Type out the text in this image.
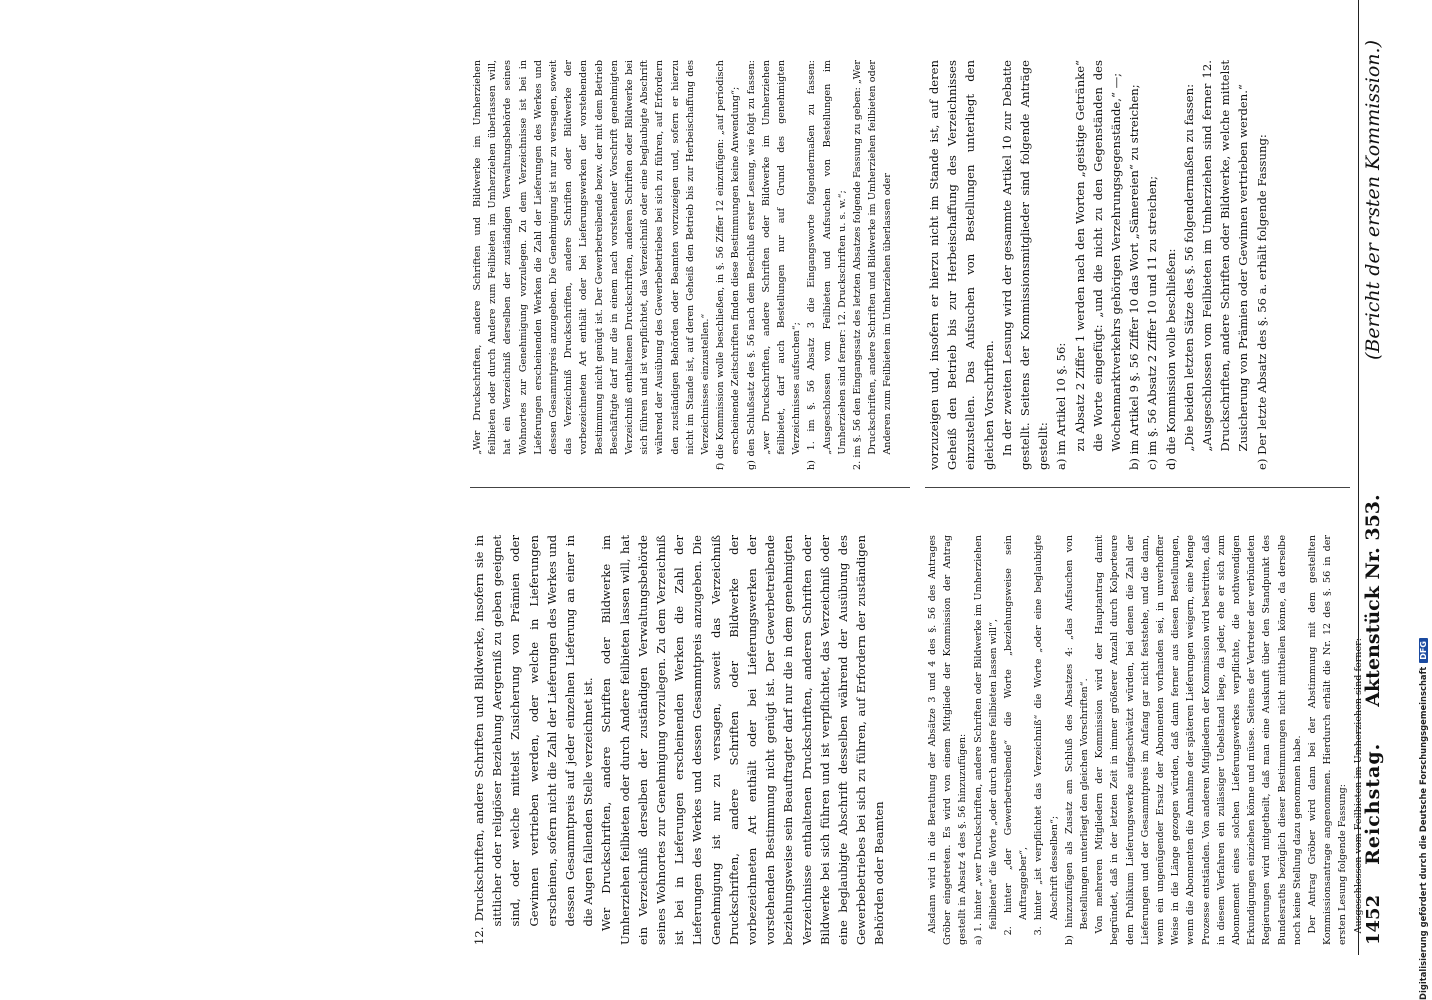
1452
Reichstag.
Aktenstück Nr. 353.
(Bericht der ersten Kommission.)

Alsdann wird in die Berathung der Absätze 3 und 4 des §. 56 des Antrages Gröber eingetreten. Es wird von einem Mitgliede der Kommission der Antrag gestellt in Absatz 4 des §. 56 hinzuzufügen: a) 1. hinter „wer Druckschriften, andere Schriften oder Bildwerke im Umherziehen feilbieten“ die Worte „oder durch andere feilbieten lassen will“, 2. hinter „der Gewerbetreibende“ die Worte „beziehungsweise sein Auftraggeber“, 3. hinter „ist verpflichtet das Verzeichniß“ die Worte „oder eine beglaubigte Abschrift desselben“; b) hinzuzufügen als Zusatz am Schluß des Absatzes 4: „das Aufsuchen von Bestellungen unterliegt den gleichen Vorschriften“. Von mehreren Mitgliedern der Kommission wird der Hauptantrag damit begründet, daß in der letzten Zeit in immer größerer Anzahl durch Kolporteure dem Publikum Lieferungswerke aufgeschwätzt würden, bei denen die Zahl der Lieferungen und der Gesammtpreis im Anfang gar nicht feststehe, und die dann, wenn ein ungenügender Ersatz der Abonnenten vorhanden sei, in unverhoffter Weise in die Länge gezogen würden, daß dann ferner aus diesen Bestellungen, wenn die Abonnenten die Annahme der späteren Lieferungen weigern, eine Menge Prozesse entständen. Von anderen Mitgliedern der Kommission wird bestritten, daß in diesem Verfahren ein zulässiger Uebelstand liege, da jeder, ehe er sich zum Abonnement eines solchen Lieferungswerkes verpflichte, die nothwendigen Erkundigungen einziehen könne und müsse. Seitens der Vertreter der verbündeten Regierungen wird mitgetheilt, daß man eine Auskunft über den Standpunkt des Bundesraths bezüglich dieser Bestimmungen nicht mittheilen könne, da derselbe noch keine Stellung dazu genommen habe. Der Antrag Gröber wird dann bei der Abstimmung mit dem gestellten Kommissionsantrage angenommen. Hierdurch erhält die Nr. 12 des §. 56 in der ersten Lesung folgende Fassung: Ausgeschlossen vom Feilbieten im Umherziehen sind ferner:

vorzuzeigen und, insofern er hierzu nicht im Stande ist, auf deren Geheiß den Betrieb bis zur Herbeischaffung des Verzeichnisses einzustellen. Das Aufsuchen von Bestellungen unterliegt den gleichen Vorschriften. In der zweiten Lesung wird der gesammte Artikel 10 zur Debatte gestellt. Seitens der Kommissionsmitglieder sind folgende Anträge gestellt: a) im Artikel 10 §. 56: zu Absatz 2 Ziffer 1 werden nach den Worten „geistige Getränke“ die Worte eingefügt: „und die nicht zu den Gegenständen des Wochenmarktverkehrs gehörigen Verzehrungsgegenstände,“ —; b) im Artikel 9 §. 56 Ziffer 10 das Wort „Sämereien“ zu streichen; c) im §. 56 Absatz 2 Ziffer 10 und 11 zu streichen; d) die Kommission wolle beschließen: „Die beiden letzten Sätze des §. 56 folgendermaßen zu fassen: „Ausgeschlossen vom Feilbieten im Umherziehen sind ferner 12. Druckschriften, andere Schriften oder Bildwerke, welche mittelst Zusicherung von Prämien oder Gewinnen vertrieben werden.“ e) Der letzte Absatz des §. 56 a. erhält folgende Fassung:

12. Druckschriften, andere Schriften und Bildwerke, insofern sie in sittlicher oder religiöser Beziehung Aergerniß zu geben geeignet sind, oder welche mittelst Zusicherung von Prämien oder Gewinnen vertrieben werden, oder welche in Lieferungen erscheinen, sofern nicht die Zahl der Lieferungen des Werkes und dessen Gesammtpreis auf jeder einzelnen Lieferung an einer in die Augen fallenden Stelle verzeichnet ist. Wer Druckschriften, andere Schriften oder Bildwerke im Umherziehen feilbieten oder durch Andere feilbieten lassen will, hat ein Verzeichniß derselben der zuständigen Verwaltungsbehörde seines Wohnortes zur Genehmigung vorzulegen. Zu dem Verzeichniß ist bei in Lieferungen erscheinenden Werken die Zahl der Lieferungen des Werkes und dessen Gesammtpreis anzugeben. Die Genehmigung ist nur zu versagen, soweit das Verzeichniß Druckschriften, andere Schriften oder Bildwerke der vorbezeichneten Art enthält oder bei Lieferungswerken der vorstehenden Bestimmung nicht genügt ist. Der Gewerbetreibende beziehungsweise sein Beauftragter darf nur die in dem genehmigten Verzeichnisse enthaltenen Druckschriften, anderen Schriften oder Bildwerke bei sich führen und ist verpflichtet, das Verzeichniß oder eine beglaubigte Abschrift desselben während der Ausübung des Gewerbebetriebes bei sich zu führen, auf Erfordern der zuständigen Behörden oder Beamten

„Wer Druckschriften, andere Schriften und Bildwerke im Umherziehen feilbieten oder durch Andere zum Feilbieten im Umherziehen überlassen will, hat ein Verzeichniß derselben der zuständigen Verwaltungsbehörde seines Wohnortes zur Genehmigung vorzulegen. Zu dem Verzeichnisse ist bei in Lieferungen erscheinenden Werken die Zahl der Lieferungen des Werkes und dessen Gesammtpreis anzugeben. Die Genehmigung ist nur zu versagen, soweit das Verzeichniß Druckschriften, andere Schriften oder Bildwerke der vorbezeichneten Art enthält oder bei Lieferungswerken der vorstehenden Bestimmung nicht genügt ist. Der Gewerbetreibende bezw. der mit dem Betrieb Beschäftigte darf nur die in einem nach vorstehender Vorschrift genehmigten Verzeichniß enthaltenen Druckschriften, anderen Schriften oder Bildwerke bei sich führen und ist verpflichtet, das Verzeichniß oder eine beglaubigte Abschrift während der Ausübung des Gewerbebetriebes bei sich zu führen, auf Erfordern den zuständigen Behörden oder Beamten vorzuzeigen und, sofern er hierzu nicht im Stande ist, auf deren Geheiß den Betrieb bis zur Herbeischaffung des Verzeichnisses einzustellen.“ f) die Kommission wolle beschließen, in §. 56 Ziffer 12 einzufügen: „auf periodisch erscheinende Zeitschriften finden diese Bestimmungen keine Anwendung“; g) den Schlußsatz des §. 56 nach dem Beschluß erster Lesung, wie folgt zu fassen: „wer Druckschriften, andere Schriften oder Bildwerke im Umherziehen feilbietet, darf auch Bestellungen nur auf Grund des genehmigten Verzeichnisses aufsuchen“; h) 1. im §. 56 Absatz 3 die Eingangsworte folgendermaßen zu fassen: „Ausgeschlossen vom Feilbieten und Aufsuchen von Bestellungen im Umherziehen sind ferner: 12. Druckschriften u. s. w.“; 2. im §. 56 den Eingangssatz des letzten Absatzes folgende Fassung zu geben: „Wer Druckschriften, andere Schriften und Bildwerke im Umherziehen feilbieten oder Anderen zum Feilbieten im Umherziehen überlassen oder

Digitalisierung gefördert durch die Deutsche Forschungsgemeinschaft
DFG
